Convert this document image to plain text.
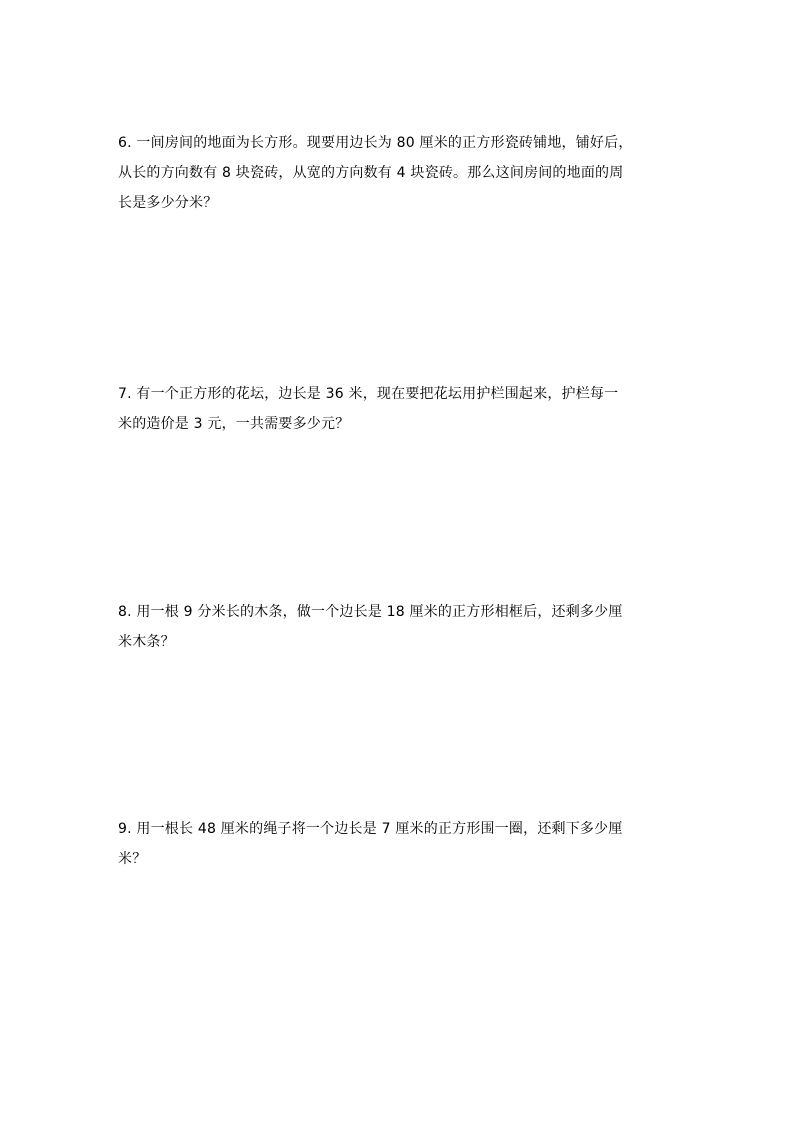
6. 一间房间的地面为长方形。现要用边长为 80 厘米的正方形瓷砖铺地，铺好后，
从长的方向数有 8 块瓷砖，从宽的方向数有 4 块瓷砖。那么这间房间的地面的周
长是多少分米？
7. 有一个正方形的花坛，边长是 36 米，现在要把花坛用护栏围起来，护栏每一
米的造价是 3 元，一共需要多少元？
8. 用一根 9 分米长的木条，做一个边长是 18 厘米的正方形相框后，还剩多少厘
米木条？
9. 用一根长 48 厘米的绳子将一个边长是 7 厘米的正方形围一圈，还剩下多少厘
米？
